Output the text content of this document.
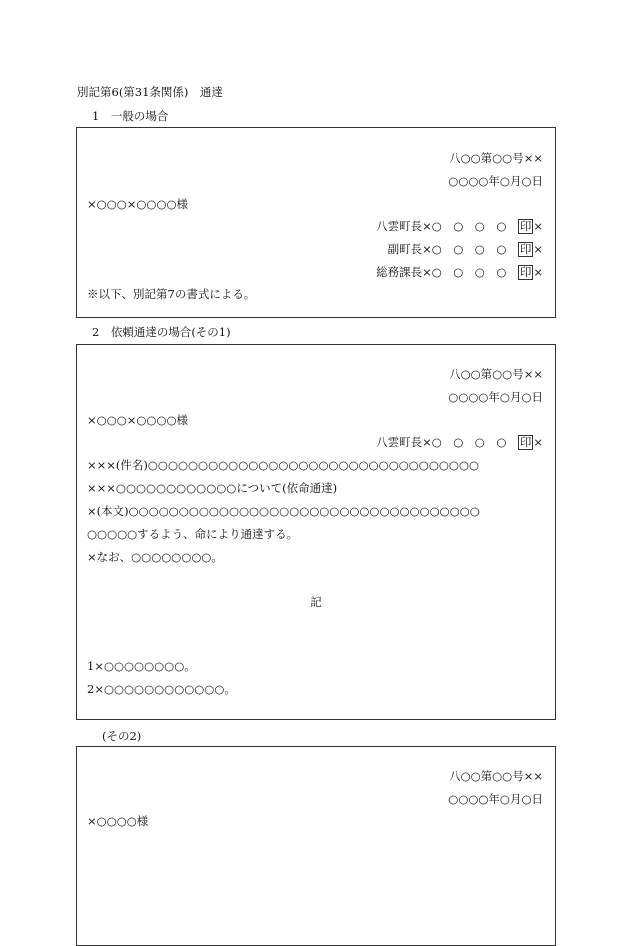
別記第6(第31条関係)　通達
1　一般の場合
八○○第○○号××
○○○○年○月○日
×○○○×○○○○様
八雲町長×○　○　○　○　印 ×
副町長×○　○　○　○　印 ×
総務課長×○　○　○　○　印 ×
※以下、別記第7の書式による。
2　依頼通達の場合(その1)
八○○第○○号××
○○○○年○月○日
×○○○×○○○○様
八雲町長×○　○　○　○　印 ×
×××(件名)○○○○○○○○○○○○○○○○○○○○○○○○○○○○○○○○○
×××○○○○○○○○○○○○について(依命通達)
×(本文)○○○○○○○○○○○○○○○○○○○○○○○○○○○○○○○○○○○
○○○○○するよう、命により通達する。
×なお、○○○○○○○○。
記
1×○○○○○○○○。
2×○○○○○○○○○○○○。
(その2)
八○○第○○号××
○○○○年○月○日
×○○○○様
